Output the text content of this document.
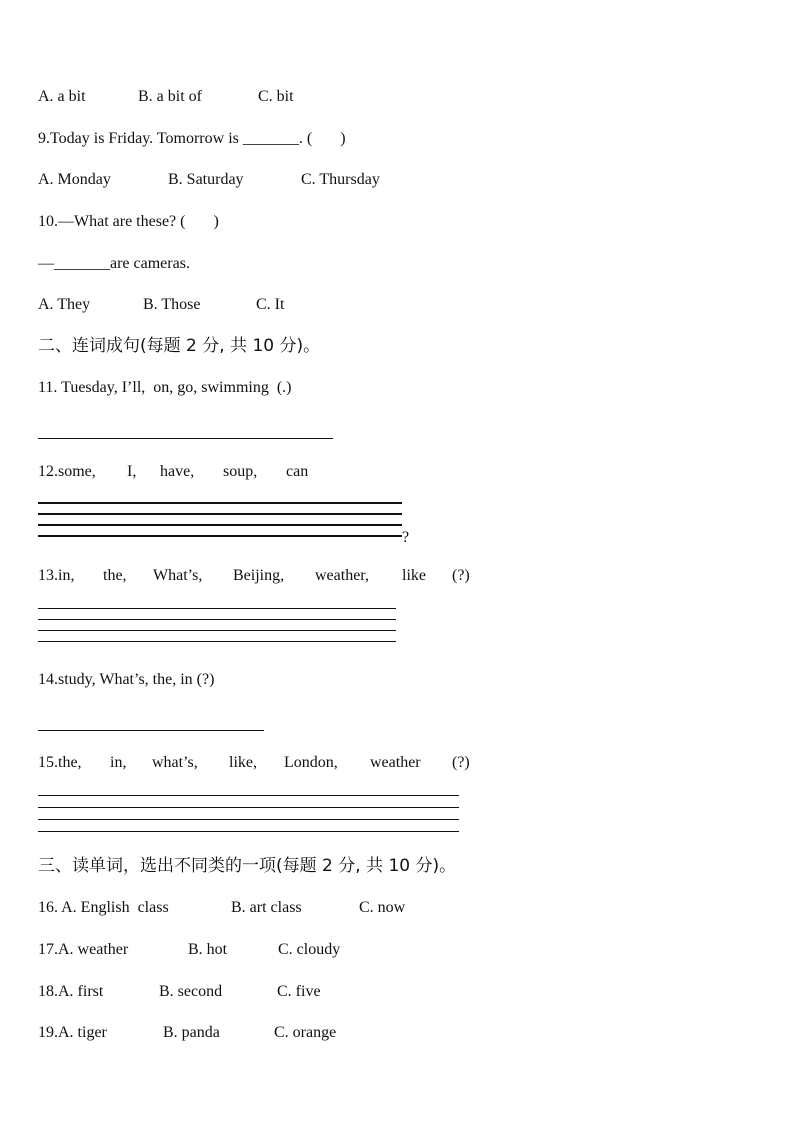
A. a bit	B. a bit of	C. bit
9.Today is Friday. Tomorrow is _______. (       )
A. Monday	B. Saturday	C. Thursday
10.—What are these? (       )
—_______are cameras.
A. They	B. Those	C. It
二、连词成句(每题 2 分, 共 10 分)。
11. Tuesday, I’ll,  on, go, swimming  (.)
12.some, I, have, soup, can
?
13.in, the, What’s, Beijing, weather, like (?)
14.study, What’s, the, in (?)
15.the, in, what’s, like, London, weather (?)
三、读单词，选出不同类的一项(每题 2 分, 共 10 分)。
16. A. English  class	B. art class	C. now
17.A. weather	B. hot	C. cloudy
18.A. first	B. second	C. five
19.A. tiger	B. panda	C. orange
